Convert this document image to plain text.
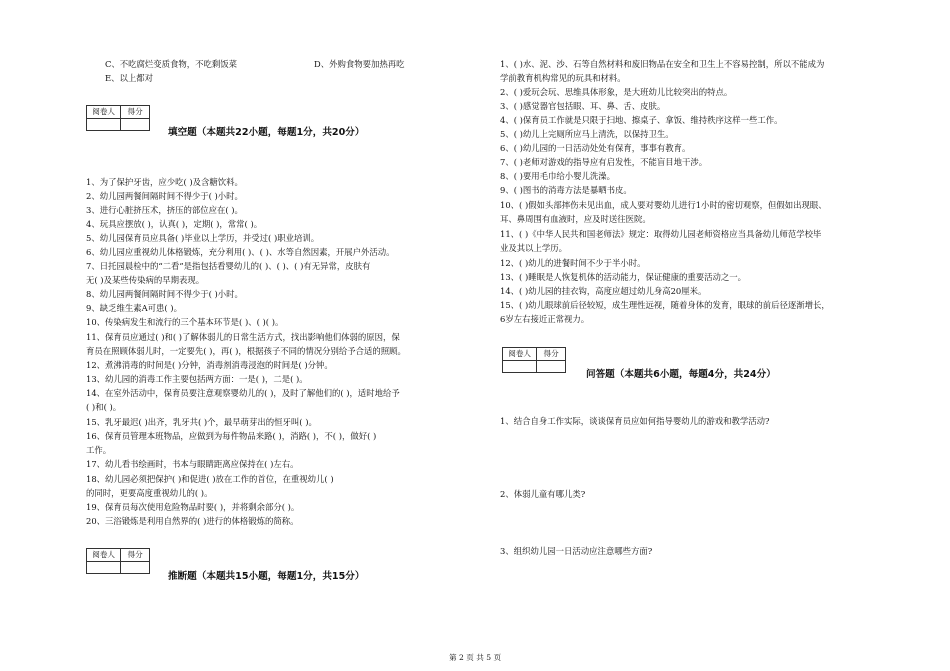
C、不吃腐烂变质食物，不吃剩饭菜	D、外购食物要加热再吃
E、以上都对
阅卷人	得分
填空题（本题共22小题，每题1分，共20分）
1、为了保护牙齿，应少吃( )及含糖饮料。
2、幼儿园两餐间隔时间不得少于( )小时。
3、进行心脏挤压术，挤压的部位应在( )。
4、玩具应摆放( )，认真( )，定期( )，常常( )。
5、幼儿园保育员应具备( )毕业以上学历，并受过( )职业培训。
6、幼儿园应重视幼儿体格锻炼，充分利用( )、( )、水等自然因素，开展户外活动。
7、日托园晨检中的“二看”是指包括看婴幼儿的( )、( )、( )有无异常，皮肤有
无( )及某些传染病的早期表现。
8、幼儿园两餐间隔时间不得少于( )小时。
9、缺乏维生素A可患( )。
10、传染病发生和流行的三个基本环节是( )、( )( )。
11、保育员应通过( )和( )了解体弱儿的日常生活方式，找出影响他们体弱的原因，保
育员在照顾体弱儿时，一定要先( )，再( )，根据孩子不同的情况分别给予合适的照顾。
12、煮沸消毒的时间是( )分钟，消毒剂消毒浸泡的时间是( )分钟。
13、幼儿园的消毒工作主要包括两方面：一是( )，二是( )。
14、在室外活动中，保育员要注意观察婴幼儿的( )，及时了解他们的( )，适时地给予
( )和( )。
15、乳牙最迟( )出齐，乳牙共( )个，最早萌芽出的恒牙叫( )。
16、保育员管理本班物品，应做到为每件物品来路( )，消路( )，不( )，做好( )
工作。
17、幼儿看书绘画时，书本与眼睛距离应保持在( )左右。
18、幼儿园必须把保护( )和促进( )放在工作的首位，在重视幼儿( )
的同时，更要高度重视幼儿的( )。
19、保育员每次使用危险物品时要( )，并将剩余部分( )。
20、三浴锻炼是利用自然界的( )进行的体格锻炼的简称。
阅卷人	得分
推断题（本题共15小题，每题1分，共15分）
1、( )水、泥、沙、石等自然材料和废旧物品在安全和卫生上不容易控制，所以不能成为
学前教育机构常见的玩具和材料。
2、( )爱玩会玩、思维具体形象，是大班幼儿比较突出的特点。
3、( )感觉器官包括眼、耳、鼻、舌、皮肤。
4、( )保育员工作就是只限于扫地、擦桌子、拿饭、维持秩序这样一些工作。
5、( )幼儿上完厕所应马上清洗，以保持卫生。
6、( )幼儿园的一日活动处处有保育，事事有教育。
7、( )老师对游戏的指导应有启发性，不能盲目地干涉。
8、( )要用毛巾给小婴儿洗澡。
9、( )图书的消毒方法是暴晒书皮。
10、( )假如头部摔伤未见出血，成人要对婴幼儿进行1小时的密切观察，但假如出现眼、
耳、鼻周围有血液时，应及时送往医院。
11、( )《中华人民共和国老师法》规定：取得幼儿园老师资格应当具备幼儿师范学校毕
业及其以上学历。
12、( )幼儿的进餐时间不少于半小时。
13、( )睡眠是人恢复机体的活动能力，保证健康的重要活动之一。
14、( )幼儿园的挂衣钩，高度应超过幼儿身高20厘米。
15、( )幼儿眼球前后径较短，成生理性远视，随着身体的发育，眼球的前后径逐渐增长，
6岁左右接近正常视力。
阅卷人	得分
问答题（本题共6小题，每题4分，共24分）
1、结合自身工作实际，谈谈保育员应如何指导婴幼儿的游戏和教学活动?
2、体弱儿童有哪儿类?
3、组织幼儿园一日活动应注意哪些方面?
第 2 页 共 5 页
